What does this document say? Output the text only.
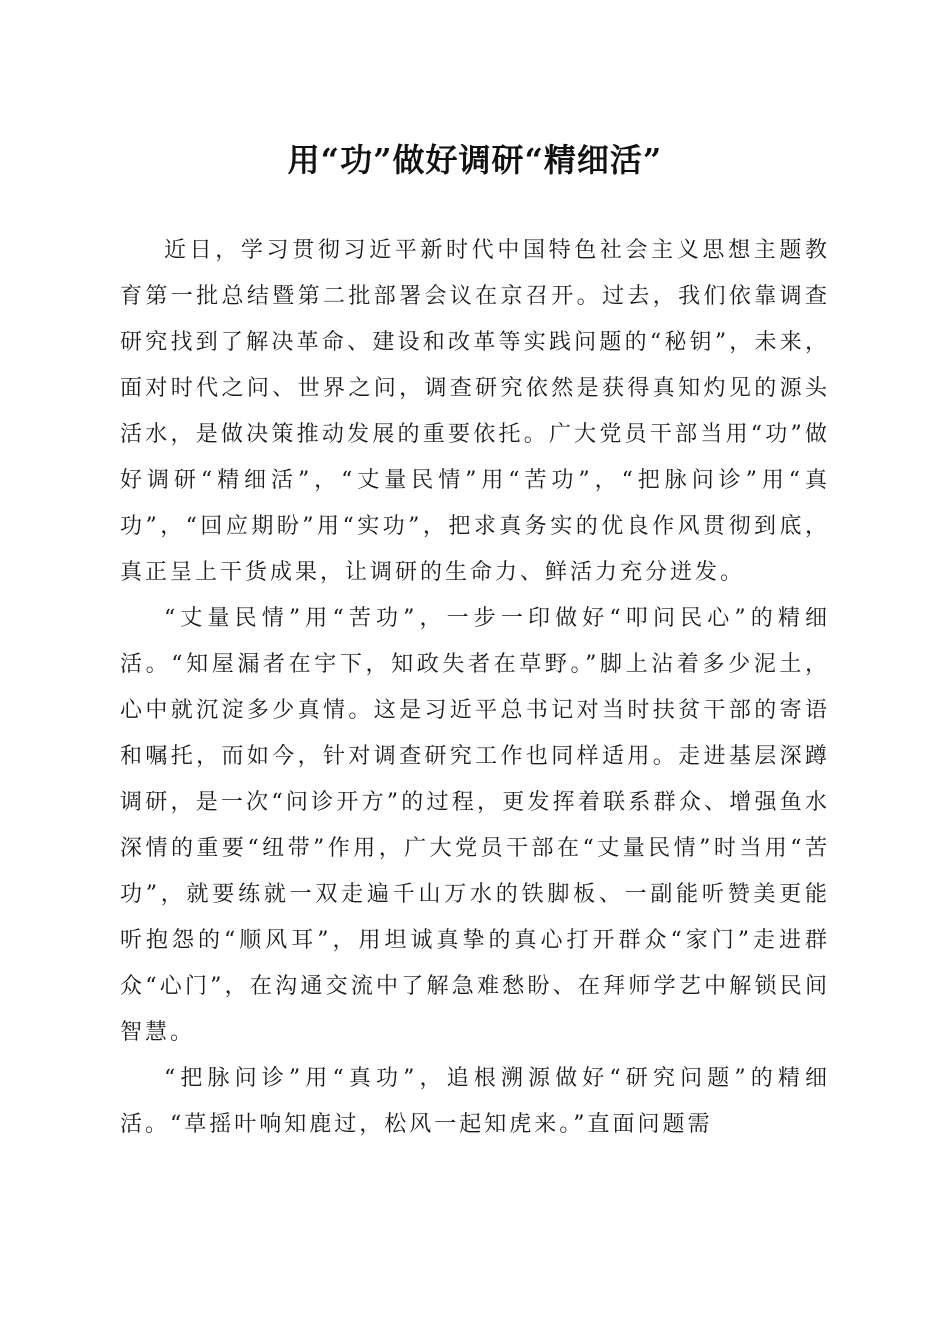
用“功”做好调研“精细活”

近日，学习贯彻习近平新时代中国特色社会主义思想主题教育第一批总结暨第二批部署会议在京召开。过去，我们依靠调查研究找到了解决革命、建设和改革等实践问题的“秘钥”，未来，面对时代之问、世界之问，调查研究依然是获得真知灼见的源头活水，是做决策推动发展的重要依托。广大党员干部当用“功”做好调研“精细活”，“丈量民情”用“苦功”，“把脉问诊”用“真功”，“回应期盼”用“实功”，把求真务实的优良作风贯彻到底，真正呈上干货成果，让调研的生命力、鲜活力充分迸发。

“丈量民情”用“苦功”，一步一印做好“叩问民心”的精细活。“知屋漏者在宇下，知政失者在草野。”脚上沾着多少泥土，心中就沉淀多少真情。这是习近平总书记对当时扶贫干部的寄语和嘱托，而如今，针对调查研究工作也同样适用。走进基层深蹲调研，是一次“问诊开方”的过程，更发挥着联系群众、增强鱼水深情的重要“纽带”作用，广大党员干部在“丈量民情”时当用“苦功”，就要练就一双走遍千山万水的铁脚板、一副能听赞美更能听抱怨的“顺风耳”，用坦诚真挚的真心打开群众“家门”走进群众“心门”，在沟通交流中了解急难愁盼、在拜师学艺中解锁民间智慧。

“把脉问诊”用“真功”，追根溯源做好“研究问题”的精细活。“草摇叶响知鹿过，松风一起知虎来。”直面问题需
